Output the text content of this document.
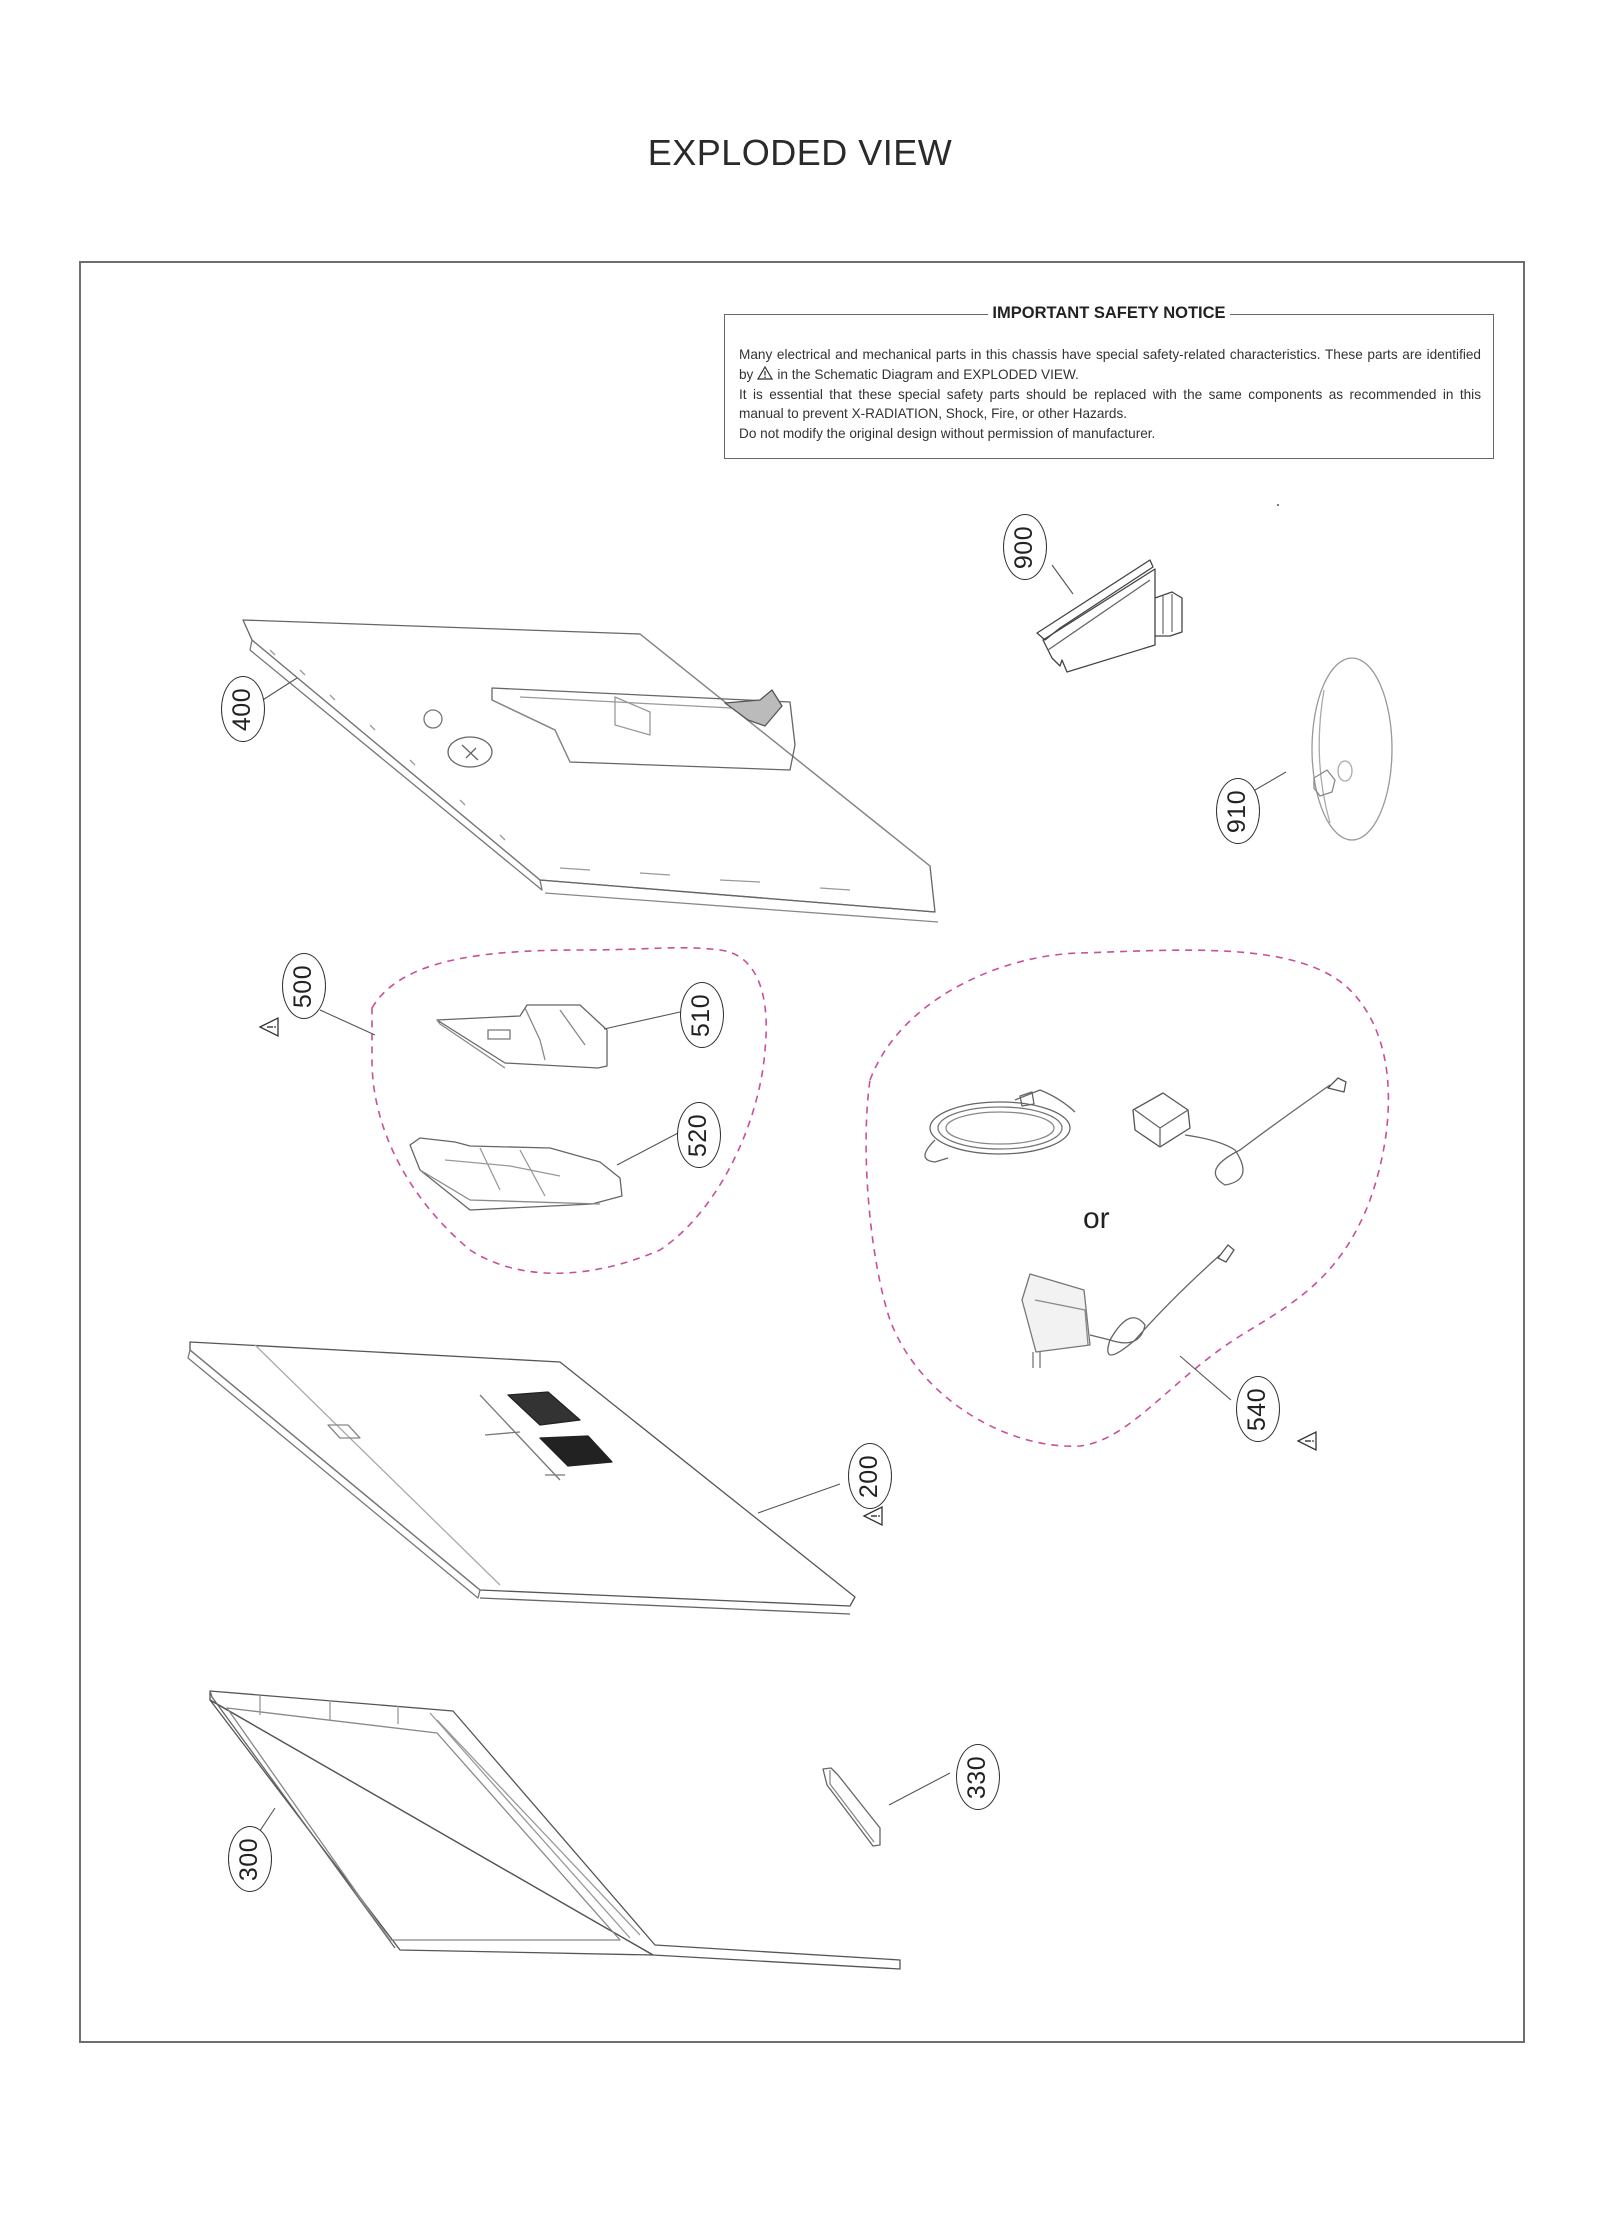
EXPLODED VIEW
IMPORTANT SAFETY NOTICE

Many electrical and mechanical parts in this chassis have special safety-related characteristics. These parts are identified by in the Schematic Diagram and EXPLODED VIEW.

It is essential that these special safety parts should be replaced with the same components as recommended in this manual to prevent X-RADIATION, Shock, Fire, or other Hazards.

Do not modify the original design without permission of manufacturer.

400
900
910
500
510
520
540
200
300
330
or
